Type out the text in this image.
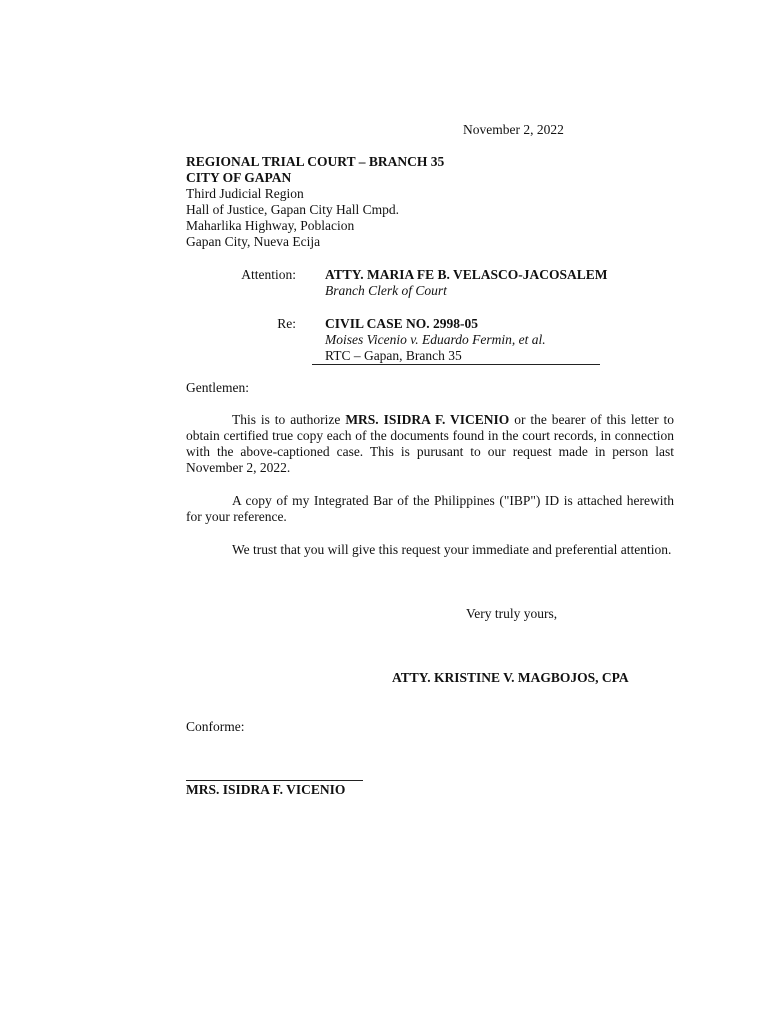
November 2, 2022
REGIONAL TRIAL COURT – BRANCH 35
CITY OF GAPAN
Third Judicial Region
Hall of Justice, Gapan City Hall Cmpd.
Maharlika Highway, Poblacion
Gapan City, Nueva Ecija
Attention: ATTY. MARIA FE B. VELASCO-JACOSALEM
Branch Clerk of Court
Re: CIVIL CASE NO. 2998-05
Moises Vicenio v. Eduardo Fermin, et al.
RTC – Gapan, Branch 35
Gentlemen:
This is to authorize MRS. ISIDRA F. VICENIO or the bearer of this letter to obtain certified true copy each of the documents found in the court records, in connection with the above-captioned case. This is purusant to our request made in person last November 2, 2022.
A copy of my Integrated Bar of the Philippines ("IBP") ID is attached herewith for your reference.
We trust that you will give this request your immediate and preferential attention.
Very truly yours,
ATTY. KRISTINE V. MAGBOJOS, CPA
Conforme:
MRS. ISIDRA F. VICENIO
